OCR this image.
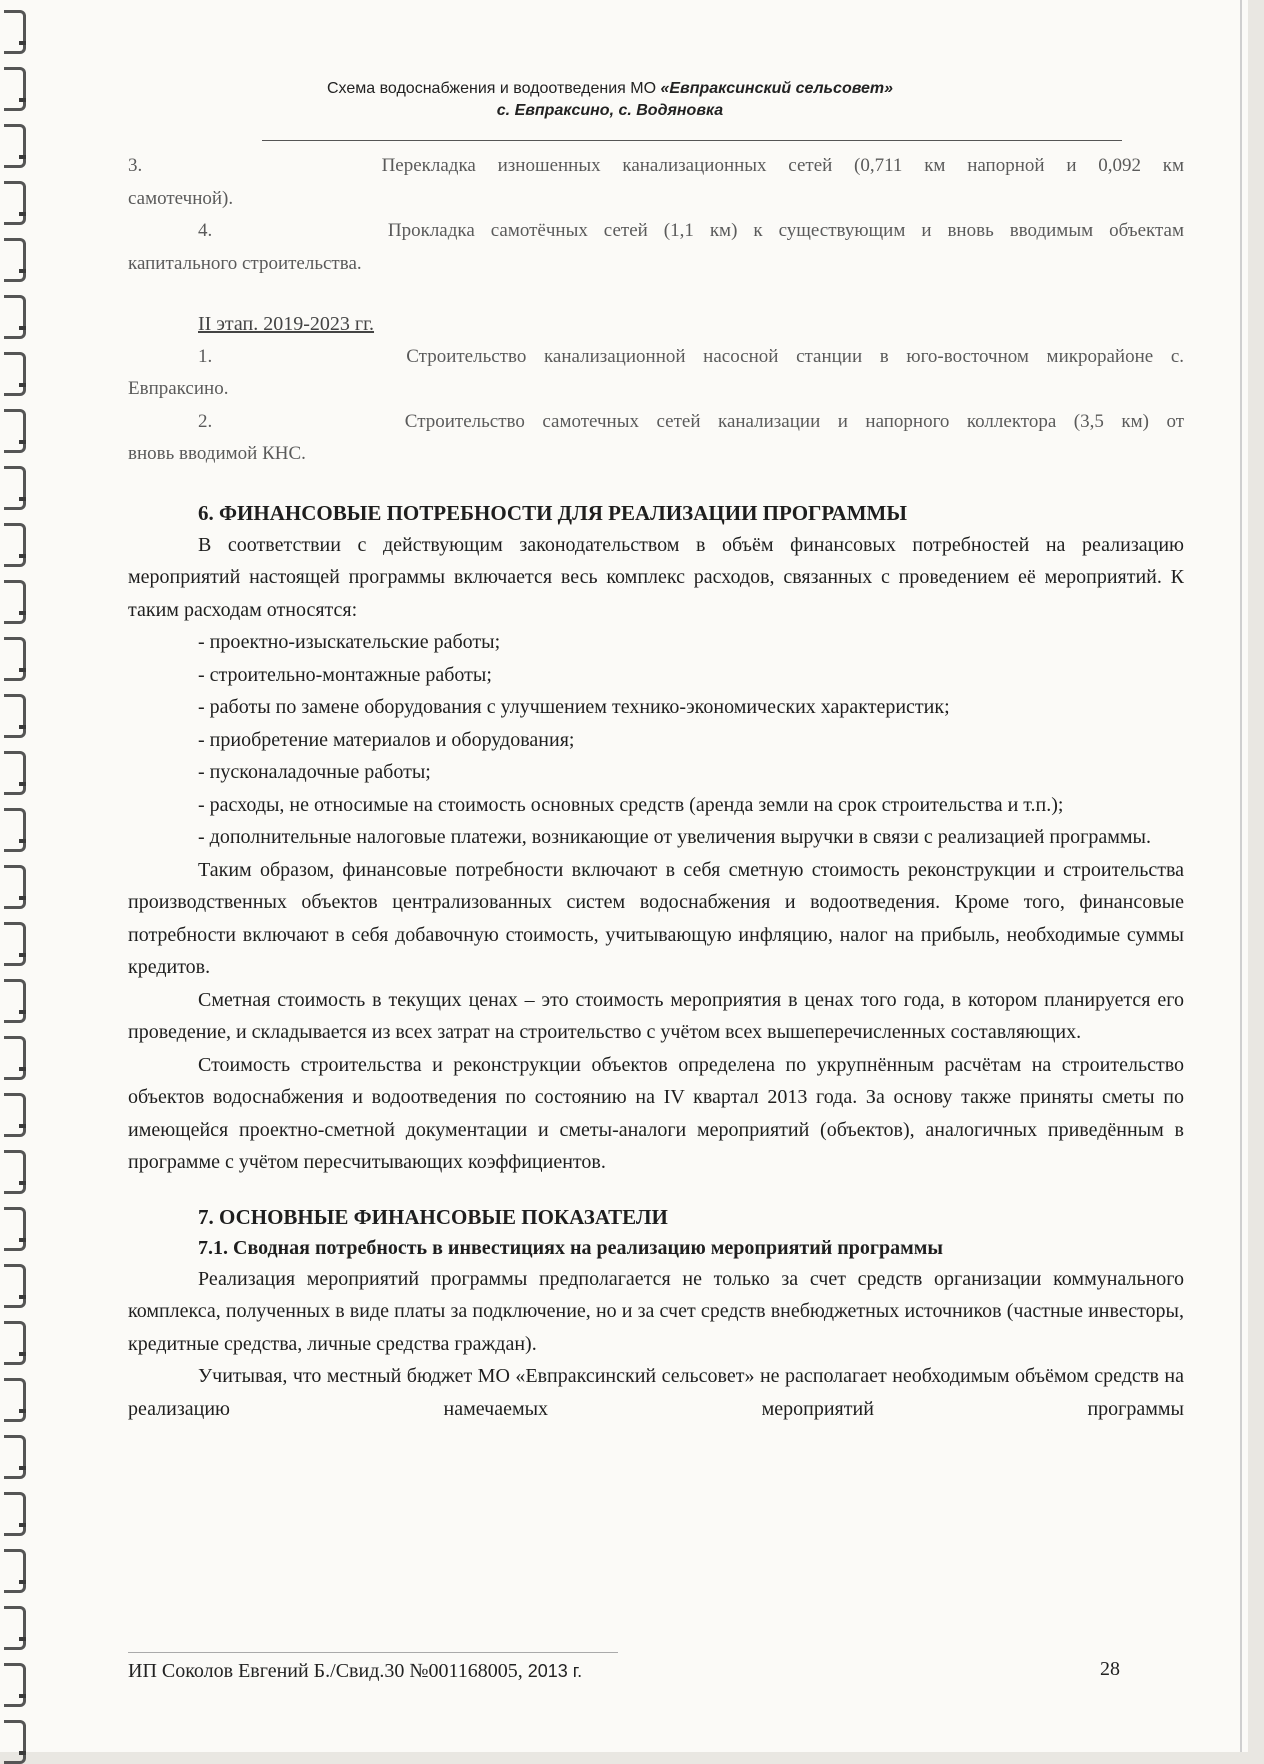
Схема водоснабжения и водоотведения МО «Евпраксинский сельсовет»
с. Евпраксино, с. Водяновка

3.	Перекладка изношенных канализационных сетей (0,711 км напорной и 0,092 км

самотечной).

4.	Прокладка самотёчных сетей (1,1 км) к существующим и вновь вводимым объектам

капитального строительства.

II этап. 2019-2023 гг.

1.	Строительство канализационной насосной станции в юго-восточном микрорайоне с.

Евпраксино.

2.	Строительство самотечных сетей канализации и напорного коллектора (3,5 км) от

вновь вводимой КНС.

6. ФИНАНСОВЫЕ ПОТРЕБНОСТИ ДЛЯ РЕАЛИЗАЦИИ ПРОГРАММЫ

В соответствии с действующим законодательством в объём финансовых потребностей на реализацию мероприятий настоящей программы включается весь комплекс расходов, связанных с проведением её мероприятий. К таким расходам относятся:

- проектно-изыскательские работы;

- строительно-монтажные работы;

- работы по замене оборудования с улучшением технико-экономических характеристик;

- приобретение материалов и оборудования;

- пусконаладочные работы;

- расходы, не относимые на стоимость основных средств (аренда земли на срок строительства и т.п.);

- дополнительные налоговые платежи, возникающие от увеличения выручки в связи с реализацией программы.

Таким образом, финансовые потребности включают в себя сметную стоимость реконструкции и строительства производственных объектов централизованных систем водоснабжения и водоотведения. Кроме того, финансовые потребности включают в себя добавочную стоимость, учитывающую инфляцию, налог на прибыль, необходимые суммы кредитов.

Сметная стоимость в текущих ценах – это стоимость мероприятия в ценах того года, в котором планируется его проведение, и складывается из всех затрат на строительство с учётом всех вышеперечисленных составляющих.

Стоимость строительства и реконструкции объектов определена по укрупнённым расчётам на строительство объектов водоснабжения и водоотведения по состоянию на IV квартал 2013 года. За основу также приняты сметы по имеющейся проектно-сметной документации и сметы-аналоги мероприятий (объектов), аналогичных приведённым в программе с учётом пересчитывающих коэффициентов.

7. ОСНОВНЫЕ ФИНАНСОВЫЕ ПОКАЗАТЕЛИ
7.1. Сводная потребность в инвестициях на реализацию мероприятий программы

Реализация мероприятий программы предполагается не только за счет средств организации коммунального комплекса, полученных в виде платы за подключение, но и за счет средств внебюджетных источников (частные инвесторы, кредитные средства, личные средства граждан).

Учитывая, что местный бюджет МО «Евпраксинский сельсовет» не располагает необходимым объёмом средств на реализацию намечаемых мероприятий программы

ИП Соколов Евгений Б./Свид.30 №001168005, 2013 г.	28
